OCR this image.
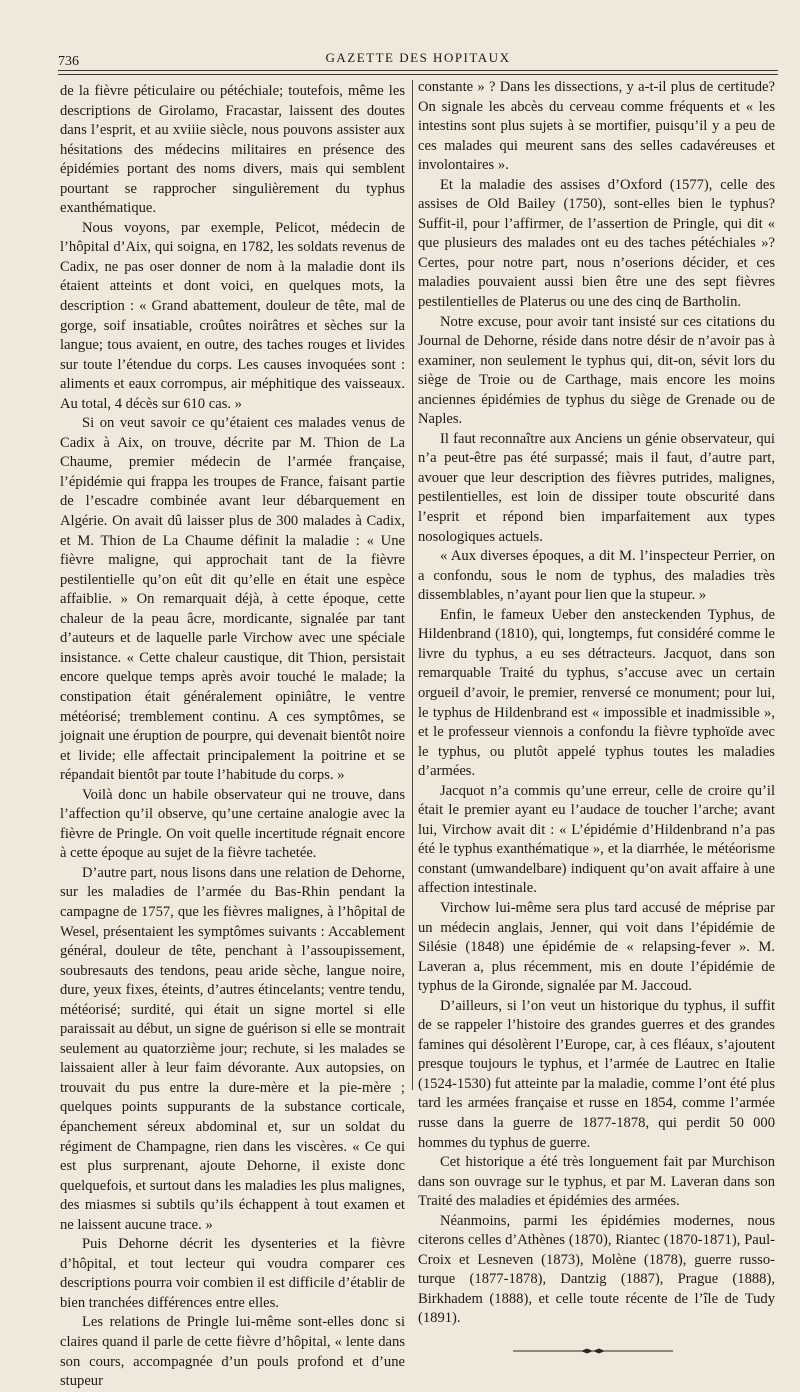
736	GAZETTE DES HOPITAUX

de la fièvre péticulaire ou pétéchiale; toutefois, même les descriptions de Girolamo, Fracastar, laissent des doutes dans l’esprit, et au xviiie siècle, nous pouvons assister aux hésitations des médecins militaires en présence des épidémies portant des noms divers, mais qui semblent pourtant se rapprocher singulièrement du typhus exanthématique.

Nous voyons, par exemple, Pelicot, médecin de l’hôpital d’Aix, qui soigna, en 1782, les soldats revenus de Cadix, ne pas oser donner de nom à la maladie dont ils étaient atteints et dont voici, en quelques mots, la description : « Grand abattement, douleur de tête, mal de gorge, soif insatiable, croûtes noirâtres et sèches sur la langue; tous avaient, en outre, des taches rouges et livides sur toute l’étendue du corps. Les causes invoquées sont : aliments et eaux corrompus, air méphitique des vaisseaux. Au total, 4 décès sur 610 cas. »

Si on veut savoir ce qu’étaient ces malades venus de Cadix à Aix, on trouve, décrite par M. Thion de La Chaume, premier médecin de l’armée française, l’épidémie qui frappa les troupes de France, faisant partie de l’escadre combinée avant leur débarquement en Algérie. On avait dû laisser plus de 300 malades à Cadix, et M. Thion de La Chaume définit la maladie : « Une fièvre maligne, qui approchait tant de la fièvre pestilentielle qu’on eût dit qu’elle en était une espèce affaiblie. » On remarquait déjà, à cette époque, cette chaleur de la peau âcre, mordicante, signalée par tant d’auteurs et de laquelle parle Virchow avec une spéciale insistance. « Cette chaleur caustique, dit Thion, persistait encore quelque temps après avoir touché le malade; la constipation était généralement opiniâtre, le ventre météorisé; tremblement continu. A ces symptômes, se joignait une éruption de pourpre, qui devenait bientôt noire et livide; elle affectait principalement la poitrine et se répandait bientôt par toute l’habitude du corps. »

Voilà donc un habile observateur qui ne trouve, dans l’affection qu’il observe, qu’une certaine analogie avec la fièvre de Pringle. On voit quelle incertitude régnait encore à cette époque au sujet de la fièvre tachetée.

D’autre part, nous lisons dans une relation de Dehorne, sur les maladies de l’armée du Bas-Rhin pendant la campagne de 1757, que les fièvres malignes, à l’hôpital de Wesel, présentaient les symptômes suivants : Accablement général, douleur de tête, penchant à l’assoupissement, soubresauts des tendons, peau aride sèche, langue noire, dure, yeux fixes, éteints, d’autres étincelants; ventre tendu, météorisé; surdité, qui était un signe mortel si elle paraissait au début, un signe de guérison si elle se montrait seulement au quatorzième jour; rechute, si les malades se laissaient aller à leur faim dévorante. Aux autopsies, on trouvait du pus entre la dure-mère et la pie-mère ; quelques points suppurants de la substance corticale, épanchement séreux abdominal et, sur un soldat du régiment de Champagne, rien dans les viscères. « Ce qui est plus surprenant, ajoute Dehorne, il existe donc quelquefois, et surtout dans les maladies les plus malignes, des miasmes si subtils qu’ils échappent à tout examen et ne laissent aucune trace. »

Puis Dehorne décrit les dysenteries et la fièvre d’hôpital, et tout lecteur qui voudra comparer ces descriptions pourra voir combien il est difficile d’établir de bien tranchées différences entre elles.

Les relations de Pringle lui-même sont-elles donc si claires quand il parle de cette fièvre d’hôpital, « lente dans son cours, accompagnée d’un pouls profond et d’une stupeur

constante » ? Dans les dissections, y a-t-il plus de certitude? On signale les abcès du cerveau comme fréquents et « les intestins sont plus sujets à se mortifier, puisqu’il y a peu de ces malades qui meurent sans des selles cadavéreuses et involontaires ».

Et la maladie des assises d’Oxford (1577), celle des assises de Old Bailey (1750), sont-elles bien le typhus? Suffit-il, pour l’affirmer, de l’assertion de Pringle, qui dit « que plusieurs des malades ont eu des taches pétéchiales »? Certes, pour notre part, nous n’oserions décider, et ces maladies pouvaient aussi bien être une des sept fièvres pestilentielles de Platerus ou une des cinq de Bartholin.

Notre excuse, pour avoir tant insisté sur ces citations du Journal de Dehorne, réside dans notre désir de n’avoir pas à examiner, non seulement le typhus qui, dit-on, sévit lors du siège de Troie ou de Carthage, mais encore les moins anciennes épidémies de typhus du siège de Grenade ou de Naples.

Il faut reconnaître aux Anciens un génie observateur, qui n’a peut-être pas été surpassé; mais il faut, d’autre part, avouer que leur description des fièvres putrides, malignes, pestilentielles, est loin de dissiper toute obscurité dans l’esprit et répond bien imparfaitement aux types nosologiques actuels.

« Aux diverses époques, a dit M. l’inspecteur Perrier, on a confondu, sous le nom de typhus, des maladies très dissemblables, n’ayant pour lien que la stupeur. »

Enfin, le fameux Ueber den ansteckenden Typhus, de Hildenbrand (1810), qui, longtemps, fut considéré comme le livre du typhus, a eu ses détracteurs. Jacquot, dans son remarquable Traité du typhus, s’accuse avec un certain orgueil d’avoir, le premier, renversé ce monument; pour lui, le typhus de Hildenbrand est « impossible et inadmissible », et le professeur viennois a confondu la fièvre typhoïde avec le typhus, ou plutôt appelé typhus toutes les maladies d’armées.

Jacquot n’a commis qu’une erreur, celle de croire qu’il était le premier ayant eu l’audace de toucher l’arche; avant lui, Virchow avait dit : « L’épidémie d’Hildenbrand n’a pas été le typhus exanthématique », et la diarrhée, le météorisme constant (umwandelbare) indiquent qu’on avait affaire à une affection intestinale.

Virchow lui-même sera plus tard accusé de méprise par un médecin anglais, Jenner, qui voit dans l’épidémie de Silésie (1848) une épidémie de « relapsing-fever ». M. Laveran a, plus récemment, mis en doute l’épidémie de typhus de la Gironde, signalée par M. Jaccoud.

D’ailleurs, si l’on veut un historique du typhus, il suffit de se rappeler l’histoire des grandes guerres et des grandes famines qui désolèrent l’Europe, car, à ces fléaux, s’ajoutent presque toujours le typhus, et l’armée de Lautrec en Italie (1524-1530) fut atteinte par la maladie, comme l’ont été plus tard les armées française et russe en 1854, comme l’armée russe dans la guerre de 1877-1878, qui perdit 50 000 hommes du typhus de guerre.

Cet historique a été très longuement fait par Murchison dans son ouvrage sur le typhus, et par M. Laveran dans son Traité des maladies et épidémies des armées.

Néanmoins, parmi les épidémies modernes, nous citerons celles d’Athènes (1870), Riantec (1870-1871), Paul-Croix et Lesneven (1873), Molène (1878), guerre russo-turque (1877-1878), Dantzig (1887), Prague (1888), Birkhadem (1888), et celle toute récente de l’île de Tudy (1891).
